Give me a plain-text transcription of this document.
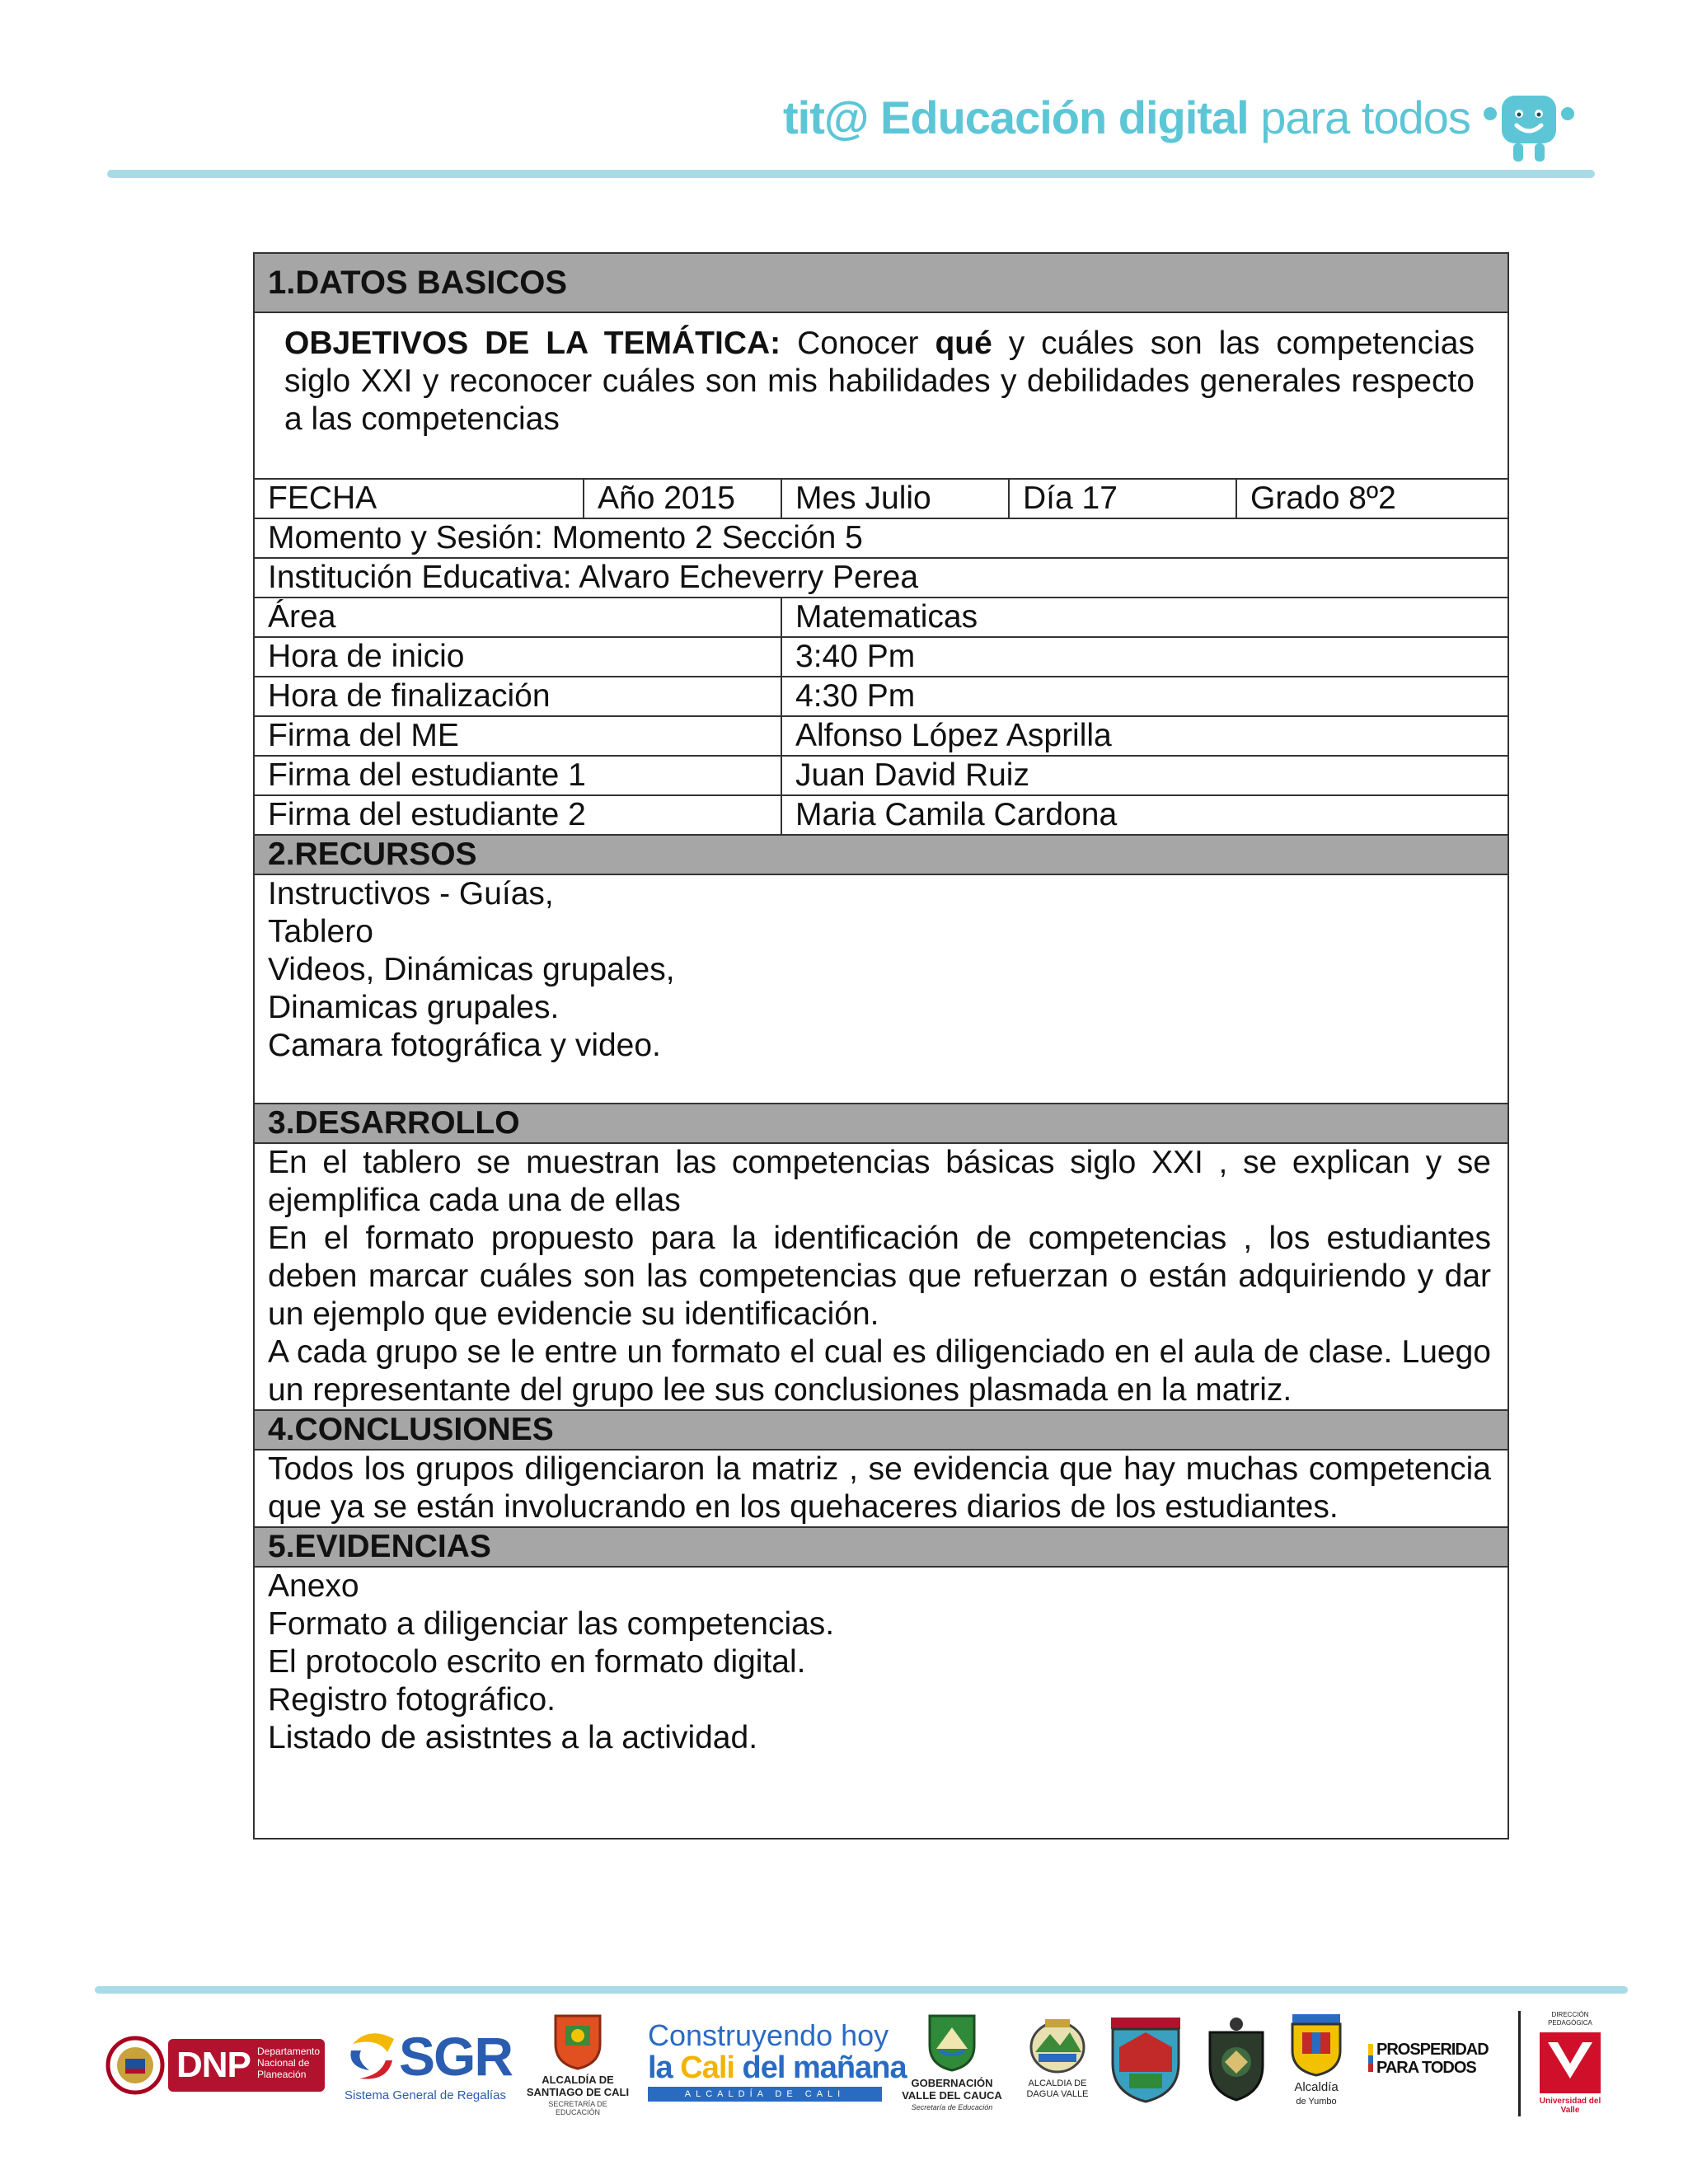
tit@ Educación digital para todos
1.DATOS BASICOS
OBJETIVOS DE LA TEMÁTICA: Conocer qué y cuáles son las competencias siglo XXI y reconocer cuáles son mis habilidades y debilidades generales respecto a las competencias
FECHA	Año 2015	Mes Julio	Día 17	Grado 8º2
Momento y Sesión: Momento 2 Sección 5
Institución Educativa: Alvaro Echeverry Perea
Área	Matematicas
Hora de inicio	3:40 Pm
Hora de finalización	4:30 Pm
Firma del ME	Alfonso López Asprilla
Firma del estudiante 1	Juan David Ruiz
Firma del estudiante 2	Maria Camila Cardona
2.RECURSOS

Instructivos - Guías,

Tablero

Videos, Dinámicas grupales,

Dinamicas grupales.

Camara fotográfica y video.

3.DESARROLLO

En el tablero se muestran las competencias básicas siglo XXI , se explican y se ejemplifica cada una de ellas

En el formato propuesto para la identificación de competencias , los estudiantes deben marcar cuáles son las competencias que refuerzan o están adquiriendo y dar un ejemplo que evidencie su identificación.

A cada grupo se le entre un formato el cual es diligenciado en el aula de clase. Luego un representante del grupo lee sus conclusiones plasmada en la matriz.

4.CONCLUSIONES

Todos los grupos diligenciaron la matriz , se evidencia que hay muchas competencia que ya se están involucrando en los quehaceres diarios de los estudiantes.

5.EVIDENCIAS

Anexo

Formato a diligenciar las competencias.

El protocolo escrito en formato digital.

Registro fotográfico.

Listado de asistntes a la actividad.

DNP Departamento Nacional de Planeación	SGR
Sistema General de Regalías
ALCALDÍA DE SANTIAGO DE CALI
SECRETARÍA DE EDUCACIÓN
Construyendo hoy
la Cali del mañana
ALCALDÍA DE CALI
GOBERNACIÓN VALLE DEL CAUCA
Secretaría de Educación
ALCALDIA DE DAGUA VALLE	Alcaldía
de Yumbo
PROSPERIDAD PARA TODOS
DIRECCIÓN PEDAGÓGICA
Universidad del Valle
